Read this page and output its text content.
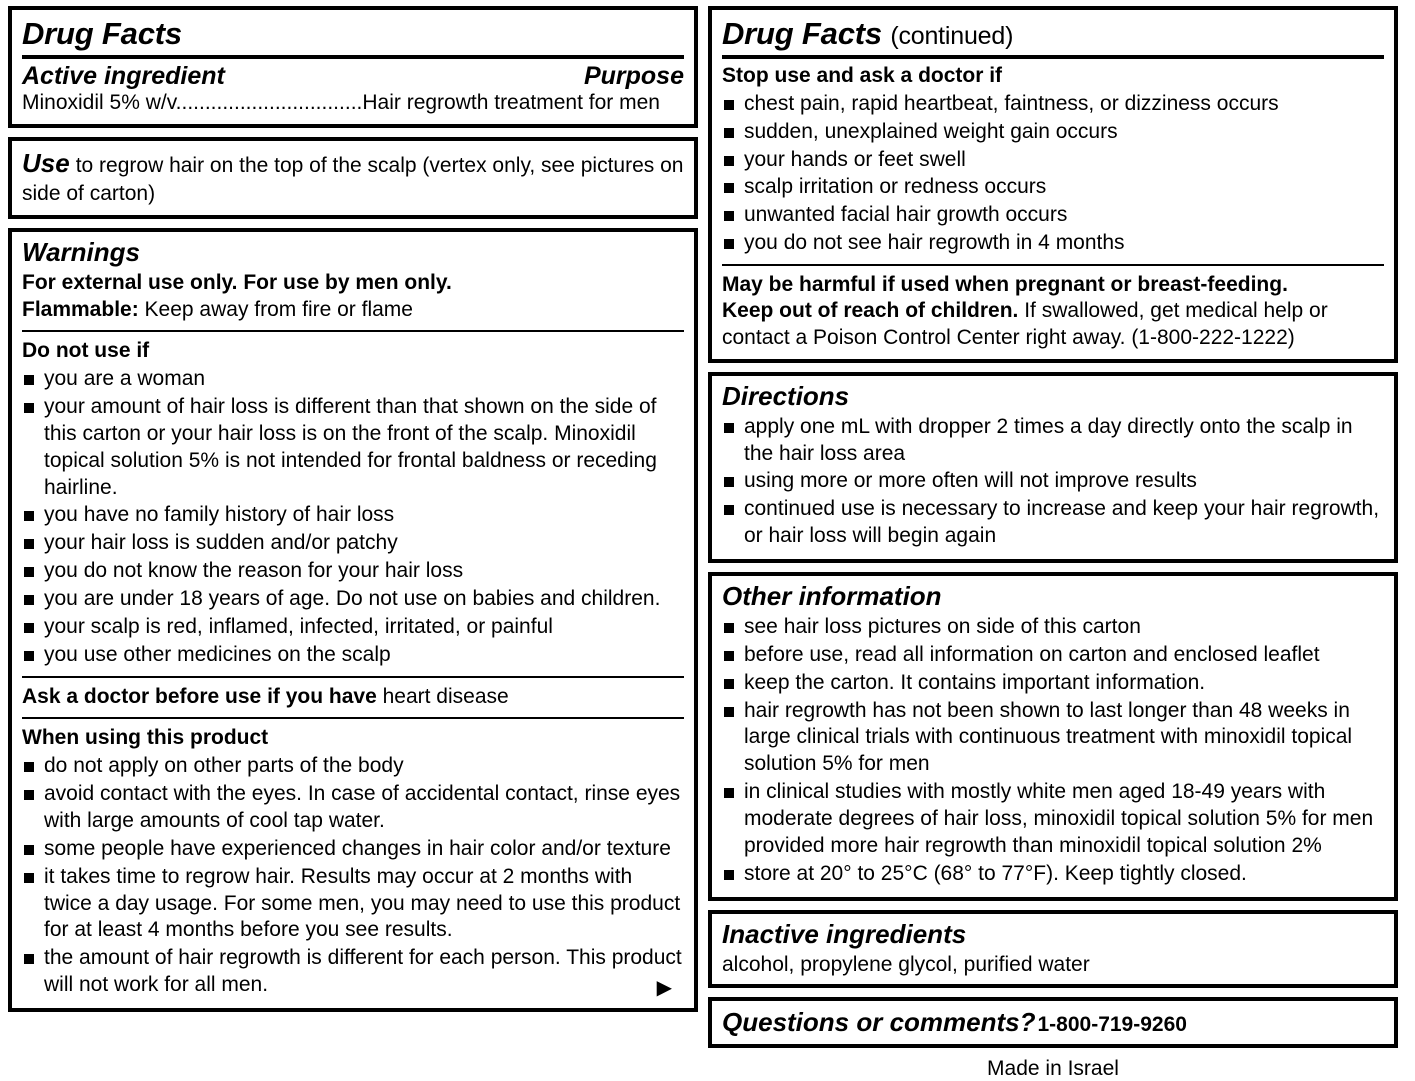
Drug Facts
Active ingredient	Purpose
Minoxidil 5% w/v................................Hair regrowth treatment for men
Use to regrow hair on the top of the scalp (vertex only, see pictures on side of carton)
Warnings
For external use only. For use by men only.
Flammable: Keep away from fire or flame
Do not use if
you are a woman
your amount of hair loss is different than that shown on the side of this carton or your hair loss is on the front of the scalp. Minoxidil topical solution 5% is not intended for frontal baldness or receding hairline.
you have no family history of hair loss
your hair loss is sudden and/or patchy
you do not know the reason for your hair loss
you are under 18 years of age. Do not use on babies and children.
your scalp is red, inflamed, infected, irritated, or painful
you use other medicines on the scalp
Ask a doctor before use if you have heart disease
When using this product
do not apply on other parts of the body
avoid contact with the eyes. In case of accidental contact, rinse eyes with large amounts of cool tap water.
some people have experienced changes in hair color and/or texture
it takes time to regrow hair. Results may occur at 2 months with twice a day usage. For some men, you may need to use this product for at least 4 months before you see results.
the amount of hair regrowth is different for each person. This product will not work for all men.	▶
Drug Facts (continued)
Stop use and ask a doctor if
chest pain, rapid heartbeat, faintness, or dizziness occurs
sudden, unexplained weight gain occurs
your hands or feet swell
scalp irritation or redness occurs
unwanted facial hair growth occurs
you do not see hair regrowth in 4 months
May be harmful if used when pregnant or breast-feeding.
Keep out of reach of children. If swallowed, get medical help or contact a Poison Control Center right away. (1-800-222-1222)
Directions
apply one mL with dropper 2 times a day directly onto the scalp in the hair loss area
using more or more often will not improve results
continued use is necessary to increase and keep your hair regrowth, or hair loss will begin again
Other information
see hair loss pictures on side of this carton
before use, read all information on carton and enclosed leaflet
keep the carton. It contains important information.
hair regrowth has not been shown to last longer than 48 weeks in large clinical trials with continuous treatment with minoxidil topical solution 5% for men
in clinical studies with mostly white men aged 18-49 years with moderate degrees of hair loss, minoxidil topical solution 5% for men provided more hair regrowth than minoxidil topical solution 2%
store at 20° to 25°C (68° to 77°F). Keep tightly closed.
Inactive ingredients
alcohol, propylene glycol, purified water
Questions or comments? 1-800-719-9260
Made in Israel
